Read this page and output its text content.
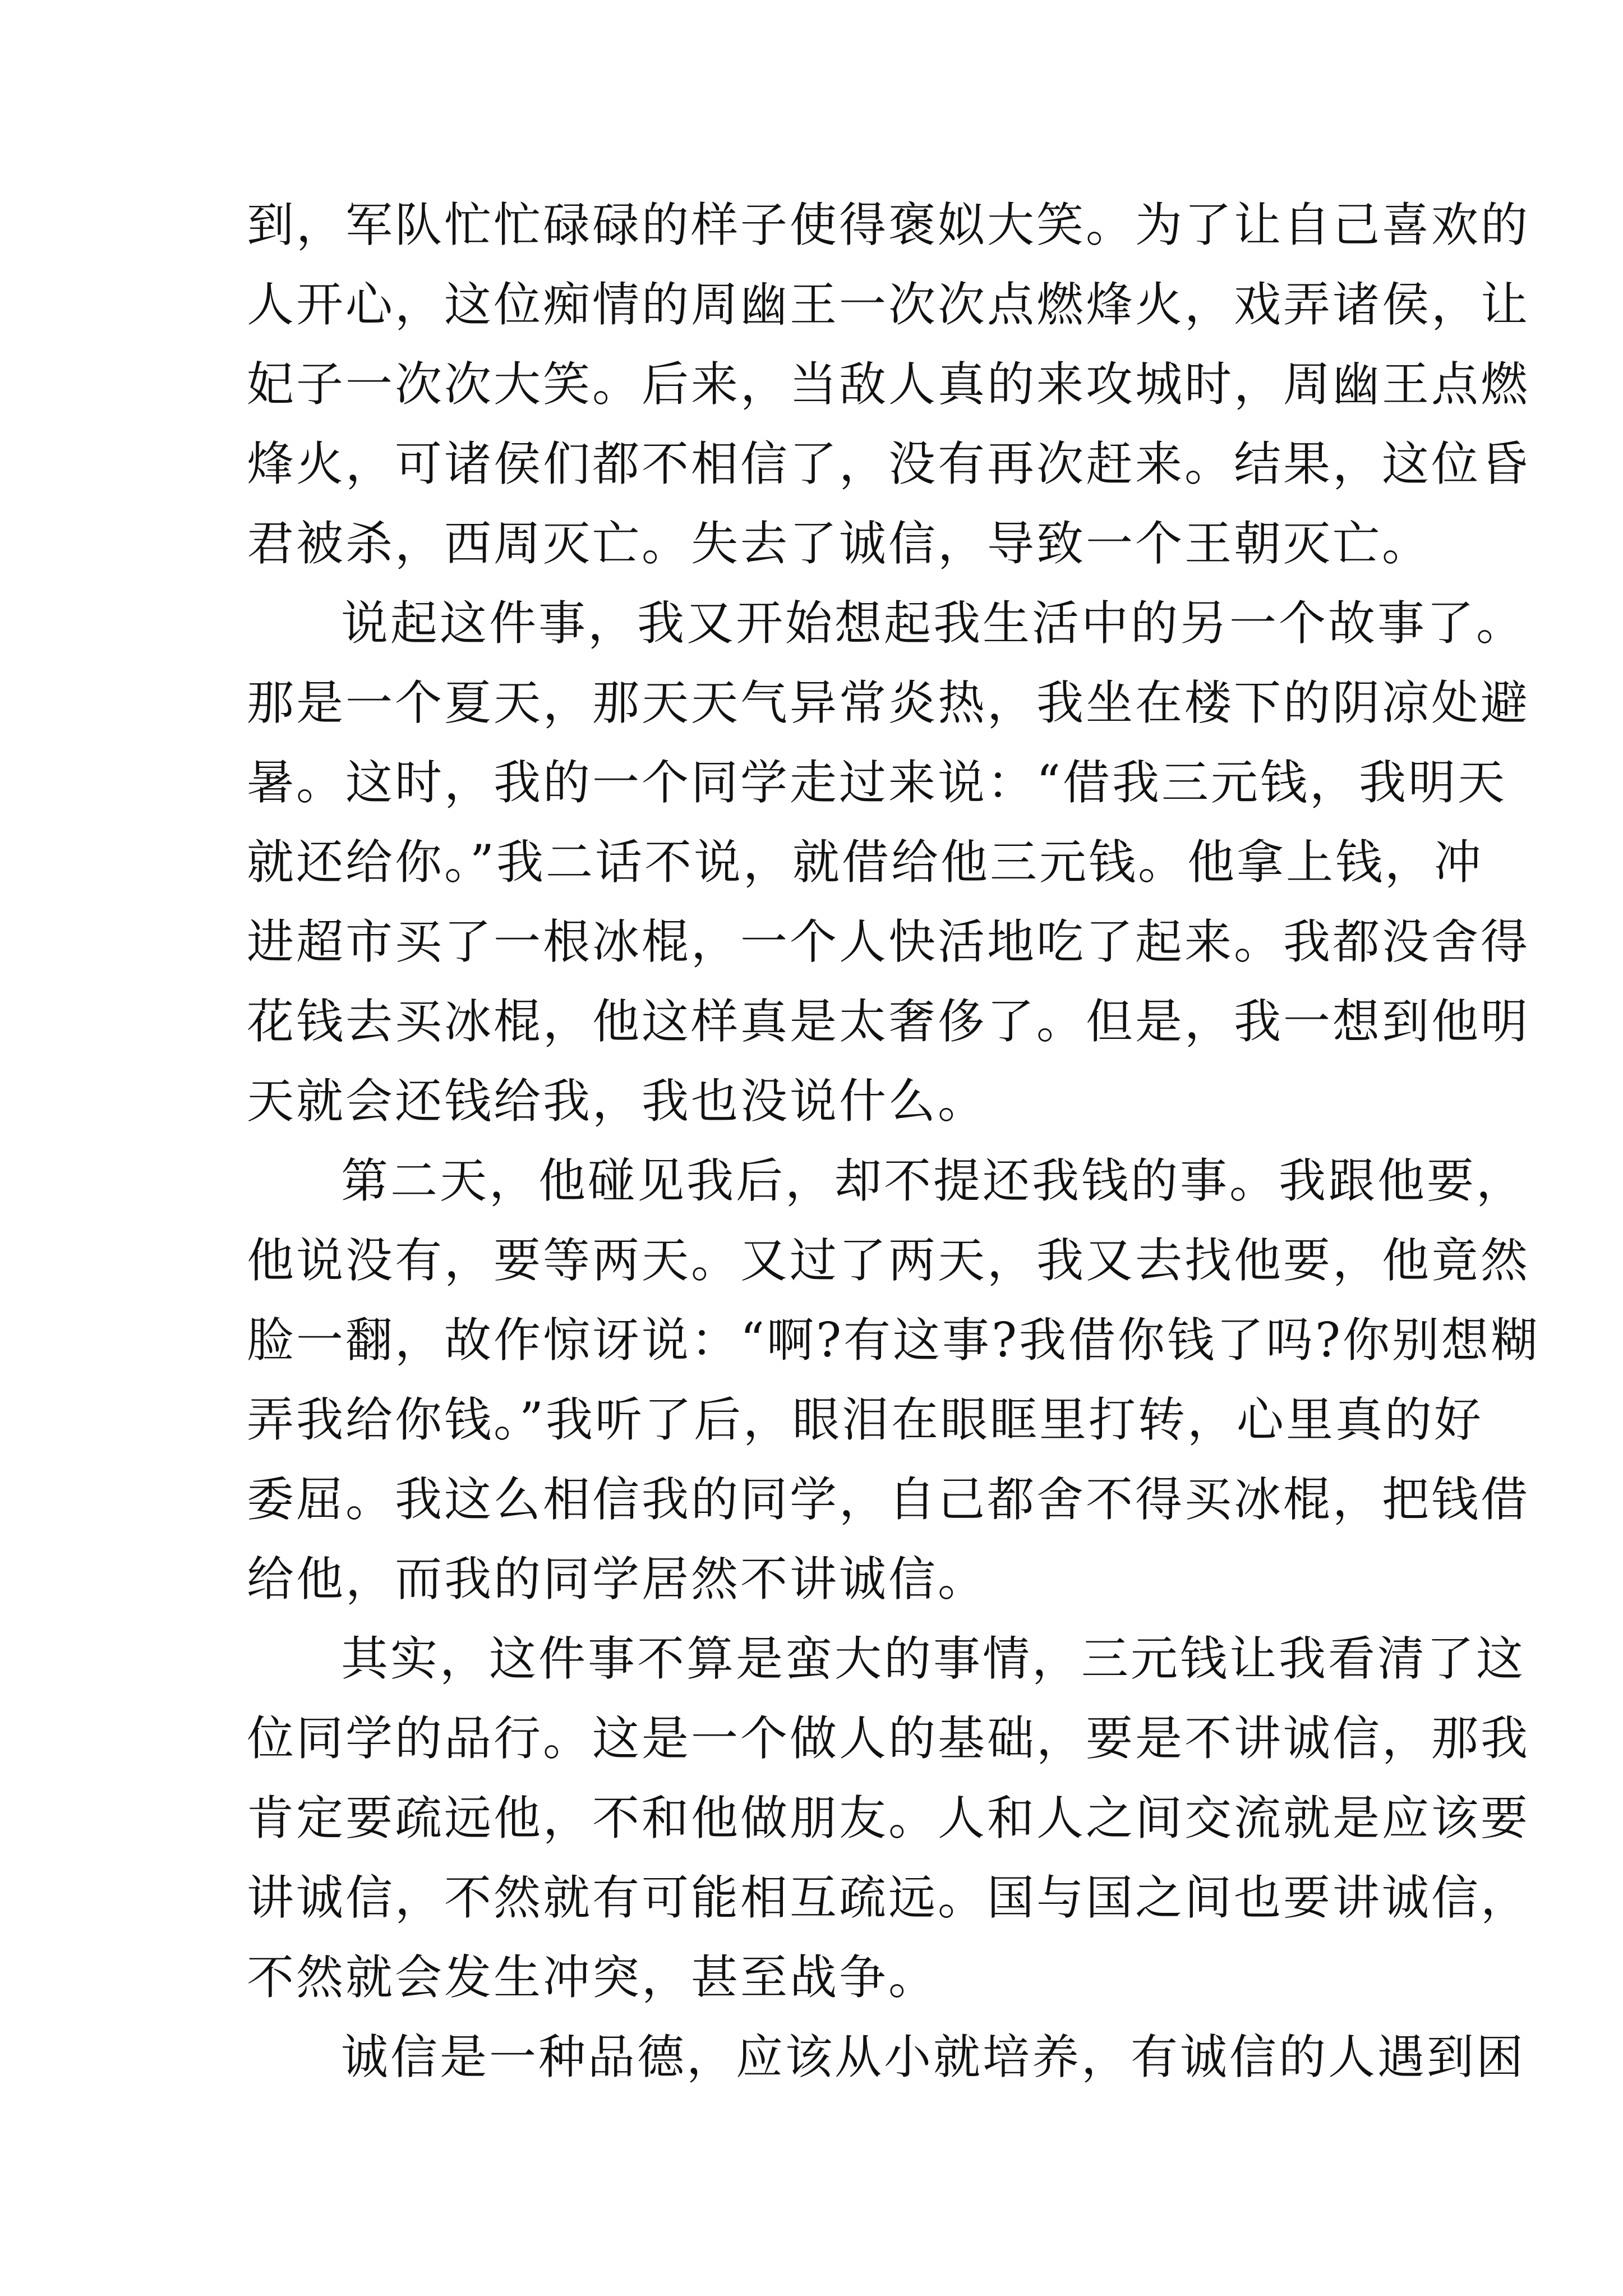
到，军队忙忙碌碌的样子使得褒姒大笑。为了让自己喜欢的
人开心，这位痴情的周幽王一次次点燃烽火，戏弄诸侯，让
妃子一次次大笑。后来，当敌人真的来攻城时，周幽王点燃
烽火，可诸侯们都不相信了，没有再次赶来。结果，这位昏
君被杀，西周灭亡。失去了诚信，导致一个王朝灭亡。
说起这件事，我又开始想起我生活中的另一个故事了。
那是一个夏天，那天天气异常炎热，我坐在楼下的阴凉处避
暑。这时，我的一个同学走过来说：“借我三元钱，我明天
就还给你。”我二话不说，就借给他三元钱。他拿上钱，冲
进超市买了一根冰棍，一个人快活地吃了起来。我都没舍得
花钱去买冰棍，他这样真是太奢侈了。但是，我一想到他明
天就会还钱给我，我也没说什么。
第二天，他碰见我后，却不提还我钱的事。我跟他要，
他说没有，要等两天。又过了两天，我又去找他要，他竟然
脸一翻，故作惊讶说：“啊?有这事?我借你钱了吗?你别想糊
弄我给你钱。”我听了后，眼泪在眼眶里打转，心里真的好
委屈。我这么相信我的同学，自己都舍不得买冰棍，把钱借
给他，而我的同学居然不讲诚信。
其实，这件事不算是蛮大的事情，三元钱让我看清了这
位同学的品行。这是一个做人的基础，要是不讲诚信，那我
肯定要疏远他，不和他做朋友。人和人之间交流就是应该要
讲诚信，不然就有可能相互疏远。国与国之间也要讲诚信，
不然就会发生冲突，甚至战争。
诚信是一种品德，应该从小就培养，有诚信的人遇到困
